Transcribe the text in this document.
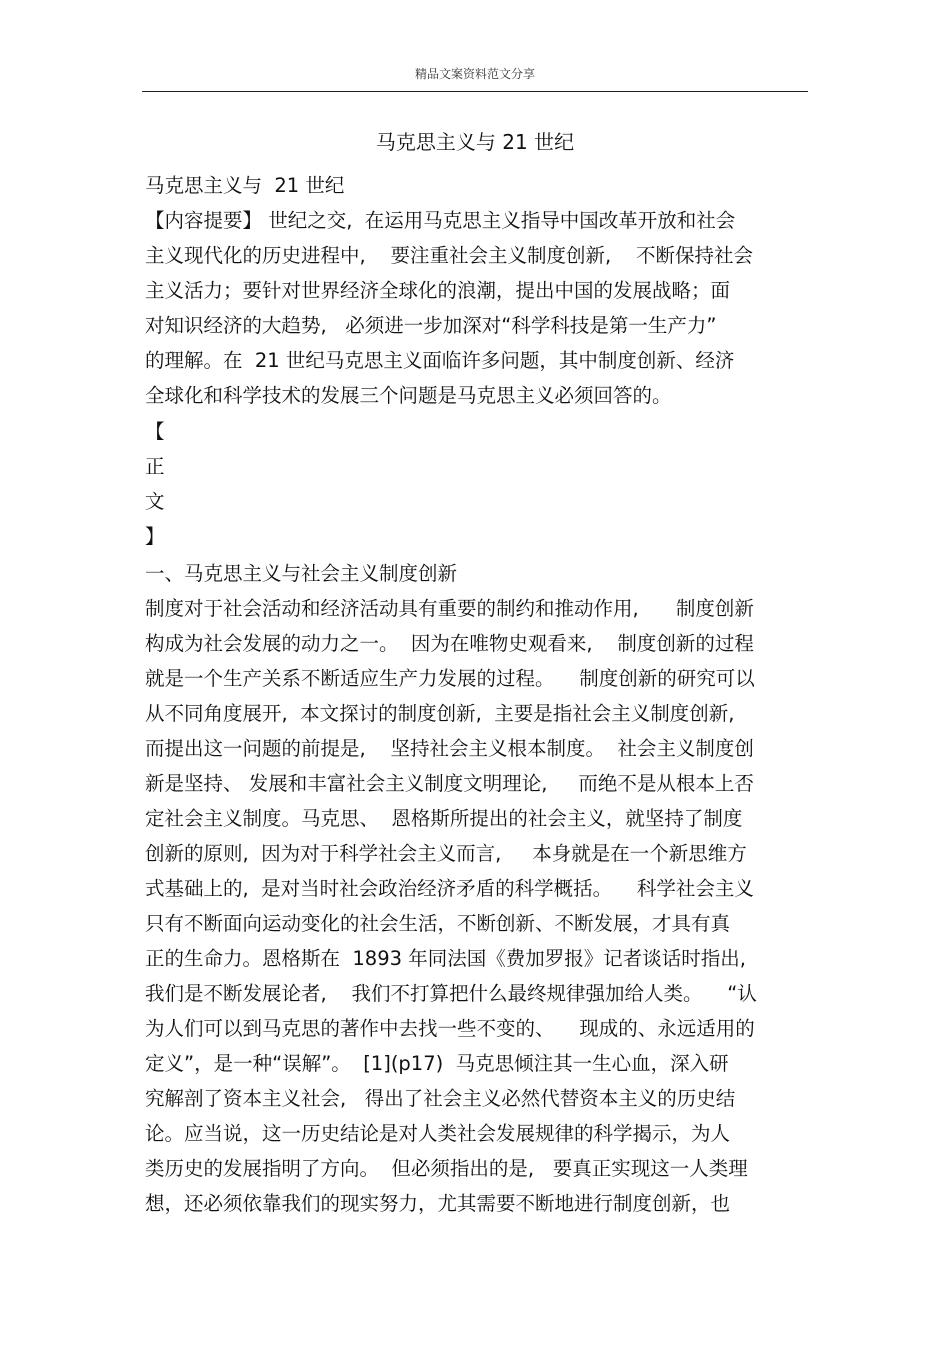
精品文案资料范文分享
马克思主义与 21 世纪
马克思主义与  21 世纪
【内容提要】 世纪之交,  在运用马克思主义指导中国改革开放和社会
主义现代化的历史进程中,    要注重社会主义制度创新,    不断保持社会
主义活力；要针对世界经济全球化的浪潮，提出中国的发展战略；面
对知识经济的大趋势,   必须进一步加深对“科学科技是第一生产力”
的理解。在  21 世纪马克思主义面临许多问题，其中制度创新、经济
全球化和科学技术的发展三个问题是马克思主义必须回答的。
【
正
文
】
一、马克思主义与社会主义制度创新
制度对于社会活动和经济活动具有重要的制约和推动作用,      制度创新
构成为社会发展的动力之一。  因为在唯物史观看来,    制度创新的过程
就是一个生产关系不断适应生产力发展的过程。    制度创新的研究可以
从不同角度展开,  本文探讨的制度创新,  主要是指社会主义制度创新,
而提出这一问题的前提是,    坚持社会主义根本制度。  社会主义制度创
新是坚持、 发展和丰富社会主义制度文明理论,     而绝不是从根本上否
定社会主义制度。马克思、  恩格斯所提出的社会主义，就坚持了制度
创新的原则,  因为对于科学社会主义而言,     本身就是在一个新思维方
式基础上的,  是对当时社会政治经济矛盾的科学概括。    科学社会主义
只有不断面向运动变化的社会生活，不断创新、不断发展，才具有真
正的生命力。恩格斯在  1893 年同法国《费加罗报》记者谈话时指出,
我们是不断发展论者,    我们不打算把什么最终规律强加给人类。    “认
为人们可以到马克思的著作中去找一些不变的、    现成的、永远适用的
定义”，是一种“误解”。  [1](p17)  马克思倾注其一生心血，深入研
究解剖了资本主义社会,   得出了社会主义必然代替资本主义的历史结
论。应当说，这一历史结论是对人类社会发展规律的科学揭示，为人
类历史的发展指明了方向。  但必须指出的是,   要真正实现这一人类理
想，还必须依靠我们的现实努力，尤其需要不断地进行制度创新，也
